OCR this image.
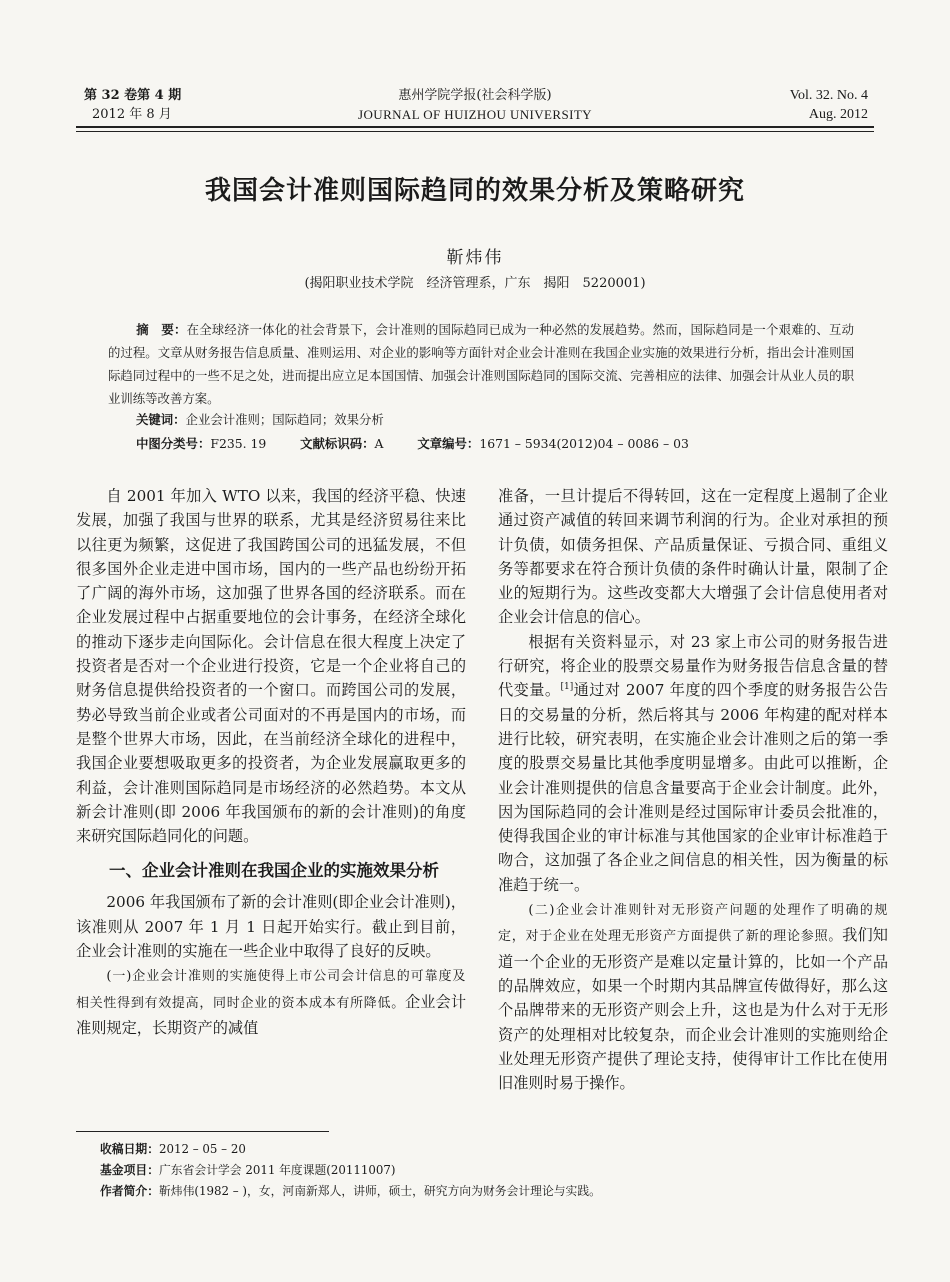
第 32 卷第 4 期
2012 年 8 月
惠州学院学报(社会科学版)
JOURNAL OF HUIZHOU UNIVERSITY
Vol. 32. No. 4
Aug. 2012
我国会计准则国际趋同的效果分析及策略研究
靳炜伟
(揭阳职业技术学院　经济管理系，广东　揭阳　5220001)
摘　要：在全球经济一体化的社会背景下，会计准则的国际趋同已成为一种必然的发展趋势。然而，国际趋同是一个艰难的、互动的过程。文章从财务报告信息质量、准则运用、对企业的影响等方面针对企业会计准则在我国企业实施的效果进行分析，指出会计准则国际趋同过程中的一些不足之处，进而提出应立足本国国情、加强会计准则国际趋同的国际交流、完善相应的法律、加强会计从业人员的职业训练等改善方案。
关键词：企业会计准则；国际趋同；效果分析
中图分类号：F235. 19	文献标识码：A	文章编号：1671 – 5934(2012)04 – 0086 – 03

自 2001 年加入 WTO 以来，我国的经济平稳、快速发展，加强了我国与世界的联系，尤其是经济贸易往来比以往更为频繁，这促进了我国跨国公司的迅猛发展，不但很多国外企业走进中国市场，国内的一些产品也纷纷开拓了广阔的海外市场，这加强了世界各国的经济联系。而在企业发展过程中占据重要地位的会计事务，在经济全球化的推动下逐步走向国际化。会计信息在很大程度上决定了投资者是否对一个企业进行投资，它是一个企业将自己的财务信息提供给投资者的一个窗口。而跨国公司的发展，势必导致当前企业或者公司面对的不再是国内的市场，而是整个世界大市场，因此，在当前经济全球化的进程中，我国企业要想吸取更多的投资者，为企业发展赢取更多的利益，会计准则国际趋同是市场经济的必然趋势。本文从新会计准则(即 2006 年我国颁布的新的会计准则)的角度来研究国际趋同化的问题。

一、企业会计准则在我国企业的实施效果分析

2006 年我国颁布了新的会计准则(即企业会计准则)，该准则从 2007 年 1 月 1 日起开始实行。截止到目前，企业会计准则的实施在一些企业中取得了良好的反映。

(一)企业会计准则的实施使得上市公司会计信息的可靠度及相关性得到有效提高，同时企业的资本成本有所降低。企业会计准则规定，长期资产的减值

准备，一旦计提后不得转回，这在一定程度上遏制了企业通过资产减值的转回来调节利润的行为。企业对承担的预计负债，如债务担保、产品质量保证、亏损合同、重组义务等都要求在符合预计负债的条件时确认计量，限制了企业的短期行为。这些改变都大大增强了会计信息使用者对企业会计信息的信心。

根据有关资料显示，对 23 家上市公司的财务报告进行研究，将企业的股票交易量作为财务报告信息含量的替代变量。[1]通过对 2007 年度的四个季度的财务报告公告日的交易量的分析，然后将其与 2006 年构建的配对样本进行比较，研究表明，在实施企业会计准则之后的第一季度的股票交易量比其他季度明显增多。由此可以推断，企业会计准则提供的信息含量要高于企业会计制度。此外，因为国际趋同的会计准则是经过国际审计委员会批准的，使得我国企业的审计标准与其他国家的企业审计标准趋于吻合，这加强了各企业之间信息的相关性，因为衡量的标准趋于统一。

(二)企业会计准则针对无形资产问题的处理作了明确的规定，对于企业在处理无形资产方面提供了新的理论参照。我们知道一个企业的无形资产是难以定量计算的，比如一个产品的品牌效应，如果一个时期内其品牌宣传做得好，那么这个品牌带来的无形资产则会上升，这也是为什么对于无形资产的处理相对比较复杂，而企业会计准则的实施则给企业处理无形资产提供了理论支持，使得审计工作比在使用旧准则时易于操作。

收稿日期：2012 – 05 – 20
基金项目：广东省会计学会 2011 年度课题(20111007)
作者简介：靳炜伟(1982 – )，女，河南新郑人，讲师，硕士，研究方向为财务会计理论与实践。
